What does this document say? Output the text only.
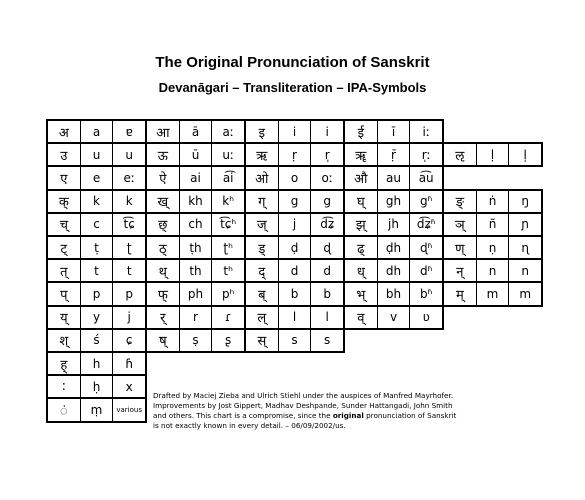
The Original Pronunciation of Sanskrit
Devanāgari – Transliteration – IPA-Symbols
अ	a	ɐ	आ	ā	aː	इ	i	i	ई	ī	iː
उ	u	u	ऊ	ū	uː	ऋ	ṛ	r̩	ॠ	ṝ	r̩ː	ऌ	ḷ	l̩
ए	e	eː	ऐ	ai	a͡i	ओ	o	oː	औ	au	a͡u
क्	k	k	ख्	kh	kʰ	ग्	g	g	घ्	gh	gʱ	ङ्	ṅ	ŋ
च्	c	t͡ɕ	छ्	ch	t͡ɕʰ	ज्	j	d͡ʑ	झ्	jh	d͡ʑʱ	ञ्	ñ	ɲ
ट्	ṭ	ʈ	ठ्	ṭh	ʈʰ	ड्	ḍ	ɖ	ढ्	ḍh	ɖʱ	ण्	ṇ	ɳ
त्	t	t	थ्	th	tʰ	द्	d	d	ध्	dh	dʱ	न्	n	n
प्	p	p	फ्	ph	pʰ	ब्	b	b	भ्	bh	bʱ	म्	m	m
य्	y	j	र्	r	ɾ	ल्	l	l	व्	v	ʋ
श्	ś	ɕ	ष्	ṣ	ʂ	स्	s	s
ह्	h	ɦ
:	ḥ	x
ं	ṃ	various
Drafted by Maciej Zieba and Ulrich Stiehl under the auspices of Manfred Mayrhofer.
Improvements by Jost Gippert, Madhav Deshpande, Sunder Hattangadi, John Smith
and others. This chart is a compromise, since the original pronunciation of Sanskrit
is not exactly known in every detail. – 06/09/2002/us.
